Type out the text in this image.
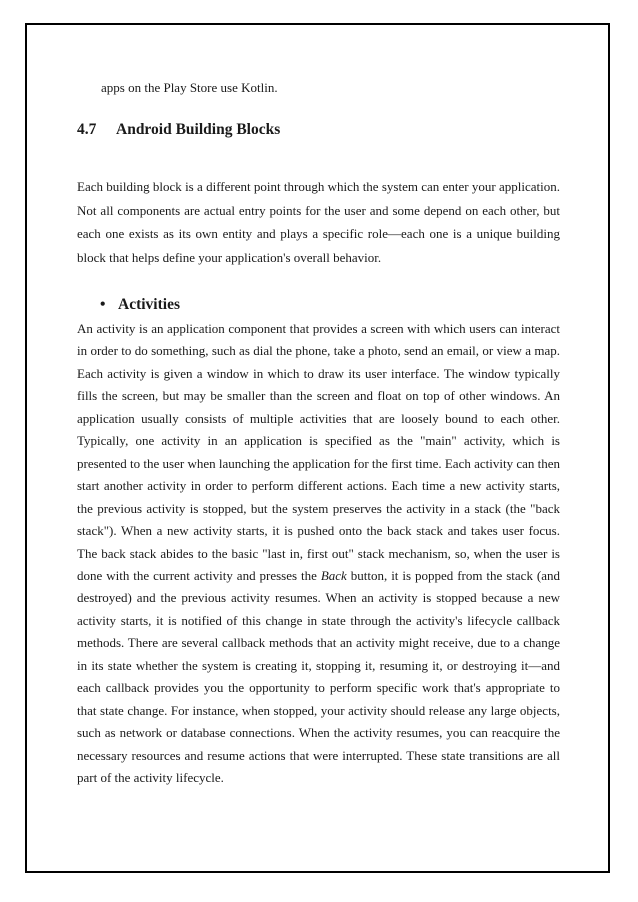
apps on the Play Store use Kotlin.
4.7 Android Building Blocks
Each building block is a different point through which the system can enter your application. Not all components are actual entry points for the user and some depend on each other, but each one exists as its own entity and plays a specific role—each one is a unique building block that helps define your application's overall behavior.
• Activities
An activity is an application component that provides a screen with which users can interact in order to do something, such as dial the phone, take a photo, send an email, or view a map. Each activity is given a window in which to draw its user interface. The window typically fills the screen, but may be smaller than the screen and float on top of other windows. An application usually consists of multiple activities that are loosely bound to each other. Typically, one activity in an application is specified as the "main" activity, which is presented to the user when launching the application for the first time. Each activity can then start another activity in order to perform different actions. Each time a new activity starts, the previous activity is stopped, but the system preserves the activity in a stack (the "back stack"). When a new activity starts, it is pushed onto the back stack and takes user focus. The back stack abides to the basic "last in, first out" stack mechanism, so, when the user is done with the current activity and presses the Back button, it is popped from the stack (and destroyed) and the previous activity resumes. When an activity is stopped because a new activity starts, it is notified of this change in state through the activity's lifecycle callback methods. There are several callback methods that an activity might receive, due to a change in its state whether the system is creating it, stopping it, resuming it, or destroying it—and each callback provides you the opportunity to perform specific work that's appropriate to that state change. For instance, when stopped, your activity should release any large objects, such as network or database connections. When the activity resumes, you can reacquire the necessary resources and resume actions that were interrupted. These state transitions are all part of the activity lifecycle.
